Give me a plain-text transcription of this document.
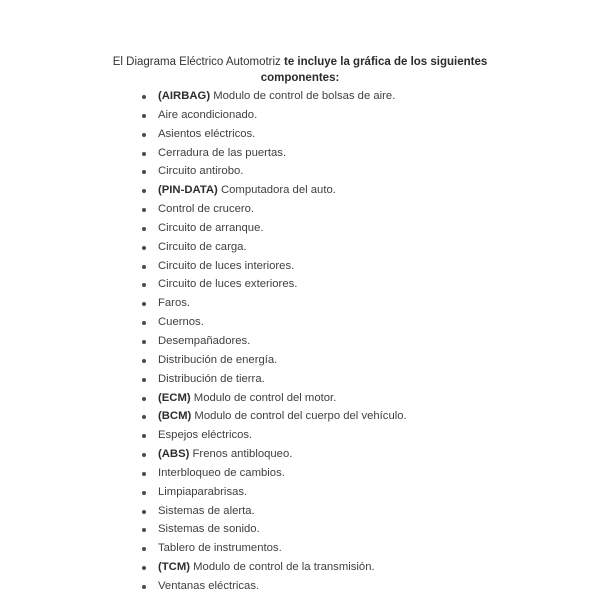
El Diagrama Eléctrico Automotriz te incluye la gráfica de los siguientes componentes:

(AIRBAG) Modulo de control de bolsas de aire.
Aire acondicionado.
Asientos eléctricos.
Cerradura de las puertas.
Circuito antirobo.
(PIN-DATA) Computadora del auto.
Control de crucero.
Circuito de arranque.
Circuito de carga.
Circuito de luces interiores.
Circuito de luces exteriores.
Faros.
Cuernos.
Desempañadores.
Distribución de energía.
Distribución de tierra.
(ECM) Modulo de control del motor.
(BCM) Modulo de control del cuerpo del vehículo.
Espejos eléctricos.
(ABS) Frenos antibloqueo.
Interbloqueo de cambios.
Limpiaparabrisas.
Sistemas de alerta.
Sistemas de sonido.
Tablero de instrumentos.
(TCM) Modulo de control de la transmisión.
Ventanas eléctricas.
